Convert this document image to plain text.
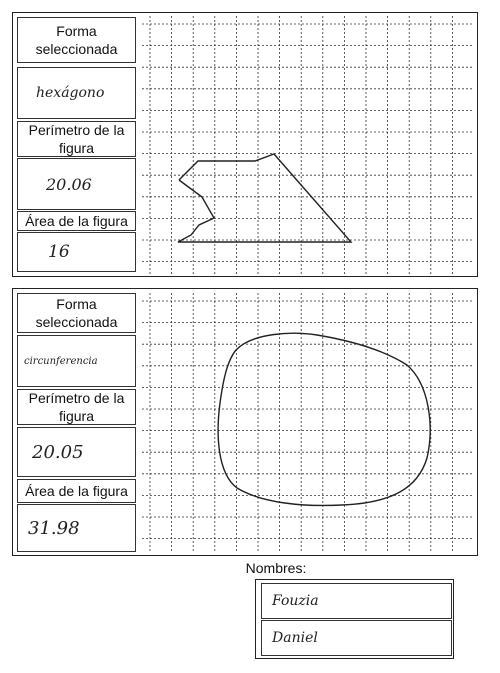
Forma seleccionada
hexágono
Perímetro de la figura
20.06
Área de la figura
16
Forma seleccionada
circunferencia
Perímetro de la figura
20.05
Área de la figura
31.98
Nombres:
Fouzia
Daniel
